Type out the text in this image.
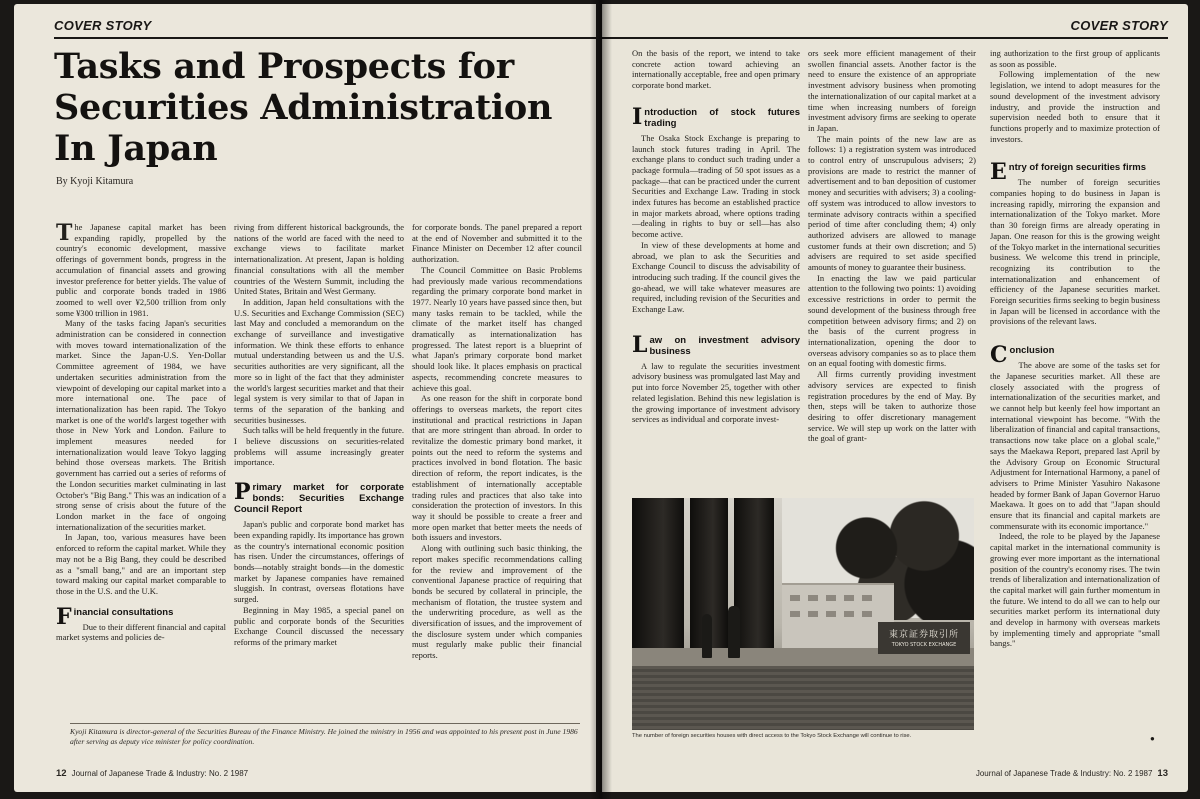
COVER STORY
Tasks and Prospects for
Securities Administration
In Japan
By Kyoji Kitamura

The Japanese capital market has been expanding rapidly, propelled by the country's economic development, massive offerings of government bonds, progress in the accumulation of financial assets and growing investor preference for better yields. The value of public and corporate bonds traded in 1986 zoomed to well over ¥2,500 trillion from only some ¥300 trillion in 1981.

Many of the tasks facing Japan's securities administration can be considered in connection with moves toward internationalization of the market. Since the Japan-U.S. Yen-Dollar Committee agreement of 1984, we have undertaken securities administration from the viewpoint of developing our capital market into a more international one. The pace of internationalization has been rapid. The Tokyo market is one of the world's largest together with those in New York and London. Failure to implement measures needed for internationalization would leave Tokyo lagging behind those overseas markets. The British government has carried out a series of reforms of the London securities market culminating in last October's "Big Bang." This was an indication of a strong sense of crisis about the future of the London market in the face of ongoing internationalization of the securities market.

In Japan, too, various measures have been enforced to reform the capital market. While they may not be a Big Bang, they could be described as a "small bang," and are an important step toward making our capital market comparable to those in the U.S. and the U.K.

Financial consultations

Due to their different financial and capital market systems and policies de-

riving from different historical backgrounds, the nations of the world are faced with the need to exchange views to facilitate market internationalization. At present, Japan is holding financial consultations with all the member countries of the Western Summit, including the United States, Britain and West Germany.

In addition, Japan held consultations with the U.S. Securities and Exchange Commission (SEC) last May and concluded a memorandum on the exchange of surveillance and investigative information. We think these efforts to enhance mutual understanding between us and the U.S. securities authorities are very significant, all the more so in light of the fact that they administer the world's largest securities market and that their legal system is very similar to that of Japan in terms of the separation of the banking and securities businesses.

Such talks will be held frequently in the future. I believe discussions on securities-related problems will assume increasingly greater importance.

Primary market for corporate bonds: Securities Exchange Council Report

Japan's public and corporate bond market has been expanding rapidly. Its importance has grown as the country's international economic position has risen. Under the circumstances, offerings of bonds—notably straight bonds—in the domestic market by Japanese companies have remained sluggish. In contrast, overseas flotations have surged.

Beginning in May 1985, a special panel on public and corporate bonds of the Securities Exchange Council discussed the necessary reforms of the primary market

for corporate bonds. The panel prepared a report at the end of November and submitted it to the Finance Minister on December 12 after council authorization.

The Council Committee on Basic Problems had previously made various recommendations regarding the primary corporate bond market in 1977. Nearly 10 years have passed since then, but many tasks remain to be tackled, while the climate of the market itself has changed dramatically as internationalization has progressed. The latest report is a blueprint of what Japan's primary corporate bond market should look like. It places emphasis on practical aspects, recommending concrete measures to achieve this goal.

As one reason for the shift in corporate bond offerings to overseas markets, the report cites institutional and practical restrictions in Japan that are more stringent than abroad. In order to revitalize the domestic primary bond market, it points out the need to reform the systems and practices involved in bond flotation. The basic direction of reform, the report indicates, is the establishment of internationally acceptable trading rules and practices that also take into consideration the protection of investors. In this way it should be possible to create a freer and more open market that better meets the needs of both issuers and investors.

Along with outlining such basic thinking, the report makes specific recommendations calling for the review and improvement of the conventional Japanese practice of requiring that bonds be secured by collateral in principle, the mechanism of flotation, the trustee system and the underwriting procedure, as well as the diversification of issues, and the improvement of the disclosure system under which companies must regularly make public their financial reports.

Kyoji Kitamura is director-general of the Securities Bureau of the Finance Ministry. He joined the ministry in 1956 and was appointed to his present post in June 1986 after serving as deputy vice minister for policy coordination.
12 Journal of Japanese Trade & Industry: No. 2 1987
COVER STORY

On the basis of the report, we intend to take concrete action toward achieving an internationally acceptable, free and open primary corporate bond market.

Introduction of stock futures trading

The Osaka Stock Exchange is preparing to launch stock futures trading in April. The exchange plans to conduct such trading under a package formula—trading of 50 spot issues as a package—that can be practiced under the current Securities and Exchange Law. Trading in stock index futures has become an established practice in major markets abroad, where options trading—dealing in rights to buy or sell—has also become active.

In view of these developments at home and abroad, we plan to ask the Securities and Exchange Council to discuss the advisability of introducing such trading. If the council gives the go-ahead, we will take whatever measures are required, including revision of the Securities and Exchange Law.

Law on investment advisory business

A law to regulate the securities investment advisory business was promulgated last May and put into force November 25, together with other related legislation. Behind this new legislation is the growing importance of investment advisory services as individual and corporate invest-

ors seek more efficient management of their swollen financial assets. Another factor is the need to ensure the existence of an appropriate investment advisory business when promoting the internationalization of our capital market at a time when increasing numbers of foreign investment advisory firms are seeking to operate in Japan.

The main points of the new law are as follows: 1) a registration system was introduced to control entry of unscrupulous advisers; 2) provisions are made to restrict the manner of advertisement and to ban deposition of customer money and securities with advisers; 3) a cooling-off system was introduced to allow investors to terminate advisory contracts within a specified period of time after concluding them; 4) only authorized advisers are allowed to manage customer funds at their own discretion; and 5) advisers are required to set aside specified amounts of money to guarantee their business.

In enacting the law we paid particular attention to the following two points: 1) avoiding excessive restrictions in order to permit the sound development of the business through free competition between advisory firms; and 2) on the basis of the current progress in internationalization, opening the door to overseas advisory companies so as to place them on an equal footing with domestic firms.

All firms currently providing investment advisory services are expected to finish registration procedures by the end of May. By then, steps will be taken to authorize those desiring to offer discretionary management service. We will step up work on the latter with the goal of grant-

ing authorization to the first group of applicants as soon as possible.

Following implementation of the new legislation, we intend to adopt measures for the sound development of the investment advisory industry, and provide the instruction and supervision needed both to ensure that it functions properly and to maximize protection of investors.

Entry of foreign securities firms

The number of foreign securities companies hoping to do business in Japan is increasing rapidly, mirroring the expansion and internationalization of the Tokyo market. More than 30 foreign firms are already operating in Japan. One reason for this is the growing weight of the Tokyo market in the international securities business. We welcome this trend in principle, recognizing its contribution to the internationalization and enhancement of efficiency of the Japanese securities market. Foreign securities firms seeking to begin business in Japan will be licensed in accordance with the provisions of the relevant laws.

Conclusion

The above are some of the tasks set for the Japanese securities market. All these are closely associated with the progress of internationalization of the securities market, and we cannot help but keenly feel how important an international viewpoint has become. "With the liberalization of financial and capital transactions, transactions now take place on a global scale," says the Maekawa Report, prepared last April by the Advisory Group on Economic Structural Adjustment for International Harmony, a panel of advisers to Prime Minister Yasuhiro Nakasone headed by former Bank of Japan Governor Haruo Maekawa. It goes on to add that "Japan should ensure that its financial and capital markets are commensurate with its economic importance."

Indeed, the role to be played by the Japanese capital market in the international community is growing ever more important as the international position of the country's economy rises. The twin trends of liberalization and internationalization of the capital market will gain further momentum in the future. We intend to do all we can to help our securities market perform its international duty and develop in harmony with overseas markets by implementing timely and appropriate "small bangs."

●
東京証券取引所
TOKYO STOCK EXCHANGE
The number of foreign securities houses with direct access to the Tokyo Stock Exchange will continue to rise.
Journal of Japanese Trade & Industry: No. 2 1987 13
